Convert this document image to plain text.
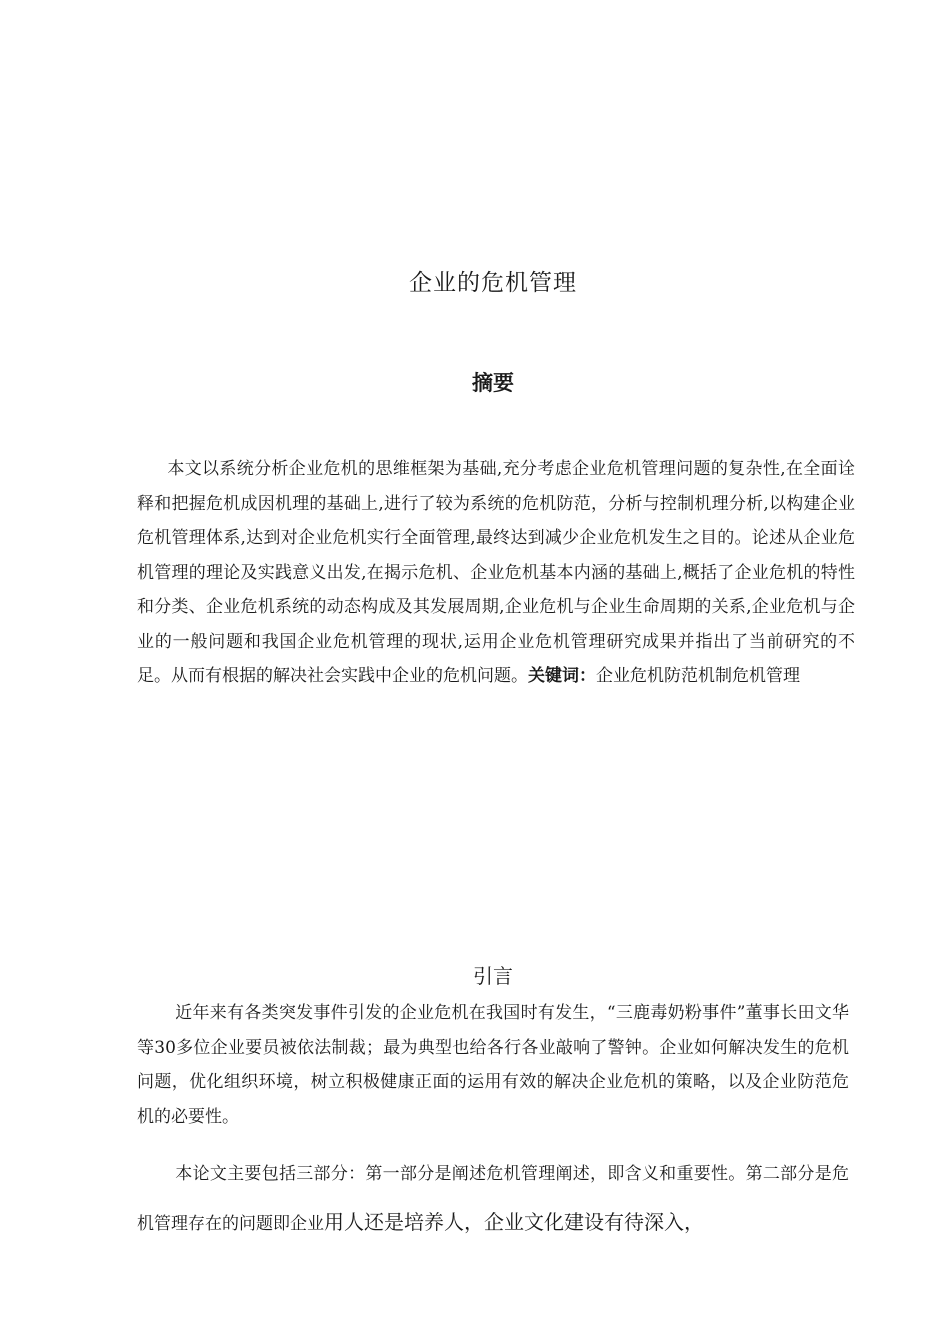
企业的危机管理
摘要

本文以系统分析企业危机的思维框架为基础,充分考虑企业危机管理问题的复杂性,在全面诠释和把握危机成因机理的基础上,进行了较为系统的危机防范，分析与控制机理分析,以构建企业危机管理体系,达到对企业危机实行全面管理,最终达到减少企业危机发生之目的。论述从企业危机管理的理论及实践意义出发,在揭示危机、企业危机基本内涵的基础上,概括了企业危机的特性和分类、企业危机系统的动态构成及其发展周期,企业危机与企业生命周期的关系,企业危机与企业的一般问题和我国企业危机管理的现状,运用企业危机管理研究成果并指出了当前研究的不足。从而有根据的解决社会实践中企业的危机问题。关键词：企业危机防范机制危机管理

引言

近年来有各类突发事件引发的企业危机在我国时有发生，“三鹿毒奶粉事件”董事长田文华等30多位企业要员被依法制裁；最为典型也给各行各业敲响了警钟。企业如何解决发生的危机问题，优化组织环境，树立积极健康正面的运用有效的解决企业危机的策略，以及企业防范危机的必要性。

本论文主要包括三部分：第一部分是阐述危机管理阐述，即含义和重要性。第二部分是危机管理存在的问题即企业用人还是培养人，企业文化建设有待深入，
